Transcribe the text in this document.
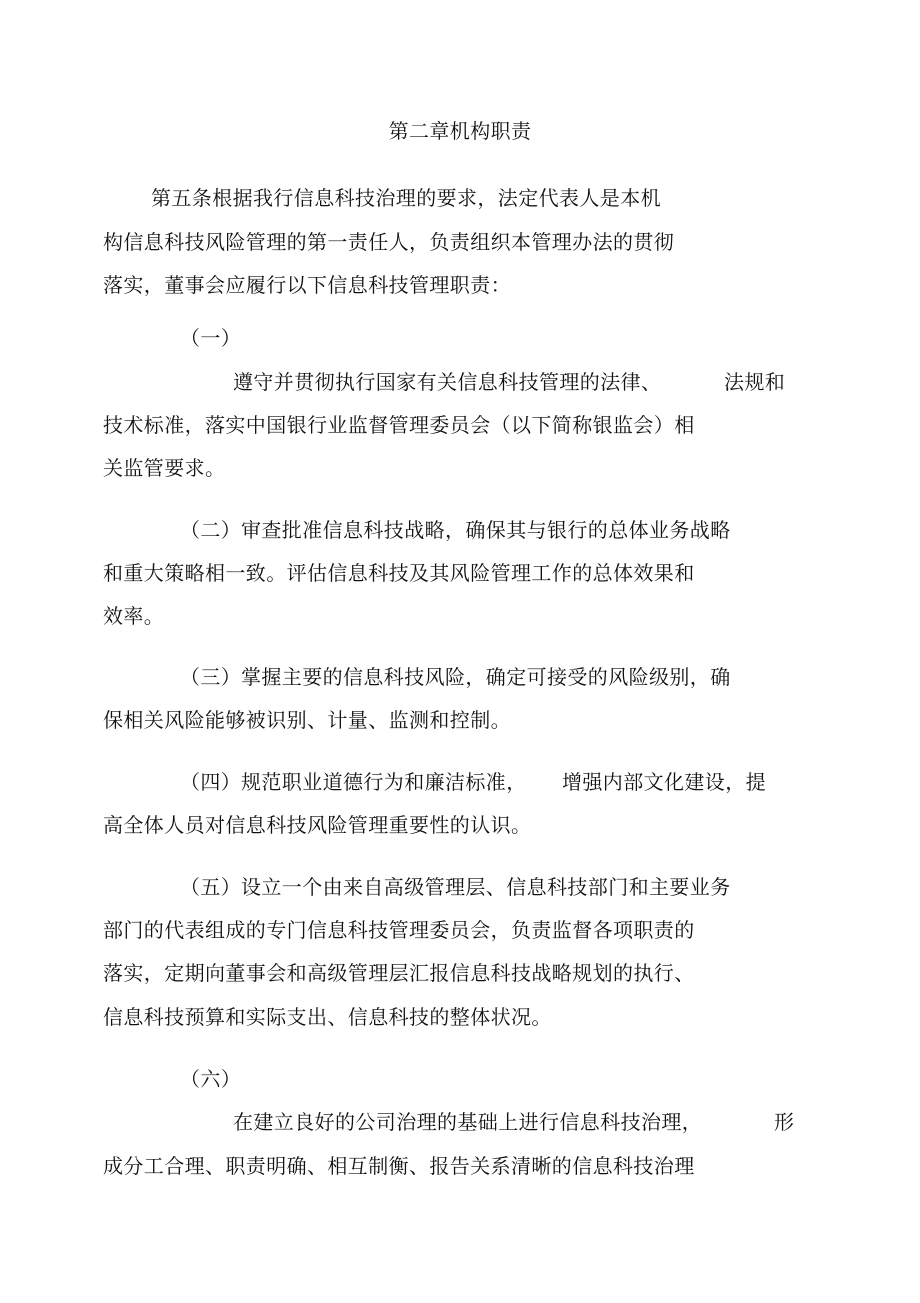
第二章机构职责
第五条根据我行信息科技治理的要求，法定代表人是本机
构信息科技风险管理的第一责任人，负责组织本管理办法的贯彻
落实，董事会应履行以下信息科技管理职责：
（一）
遵守并贯彻执行国家有关信息科技管理的法律、	法规和
技术标准，落实中国银行业监督管理委员会（以下简称银监会）相
关监管要求。
（二） 审查批准信息科技战略，确保其与银行的总体业务战略
和重大策略相一致。评估信息科技及其风险管理工作的总体效果和
效率。
（三） 掌握主要的信息科技风险，确定可接受的风险级别，确
保相关风险能够被识别、计量、监测和控制。
（四） 规范职业道德行为和廉洁标准， 增强内部文化建设，提
高全体人员对信息科技风险管理重要性的认识。
（五） 设立一个由来自高级管理层、信息科技部门和主要业务
部门的代表组成的专门信息科技管理委员会，负责监督各项职责的
落实，定期向董事会和高级管理层汇报信息科技战略规划的执行、
信息科技预算和实际支出、信息科技的整体状况。
（六）
在建立良好的公司治理的基础上进行信息科技治理，	形
成分工合理、职责明确、相互制衡、报告关系清晰的信息科技治理
